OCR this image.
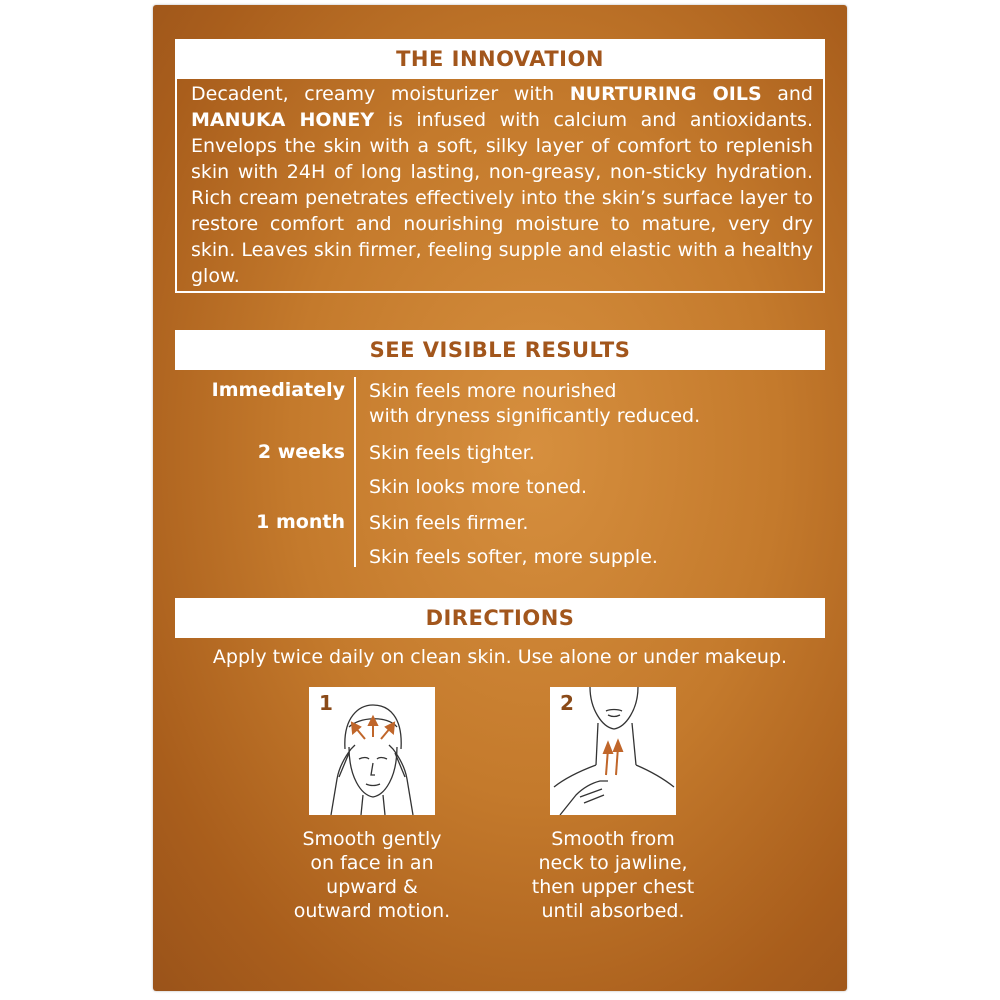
THE INNOVATION
Decadent, creamy moisturizer with NURTURING OILS and MANUKA HONEY is infused with calcium and antioxidants. Envelops the skin with a soft, silky layer of comfort to replenish skin with 24H of long lasting, non-greasy, non-sticky hydration. Rich cream penetrates effectively into the skin’s surface layer to restore comfort and nourishing moisture to mature, very dry skin. Leaves skin firmer, feeling supple and elastic with a healthy glow.
SEE VISIBLE RESULTS
Immediately Skin feels more nourished
with dryness significantly reduced.
2 weeks Skin feels tighter.
Skin looks more toned.
1 month Skin feels firmer.
Skin feels softer, more supple.
DIRECTIONS
Apply twice daily on clean skin. Use alone or under makeup.
1
Smooth gently
on face in an
upward &
outward motion.
2
Smooth from
neck to jawline,
then upper chest
until absorbed.
